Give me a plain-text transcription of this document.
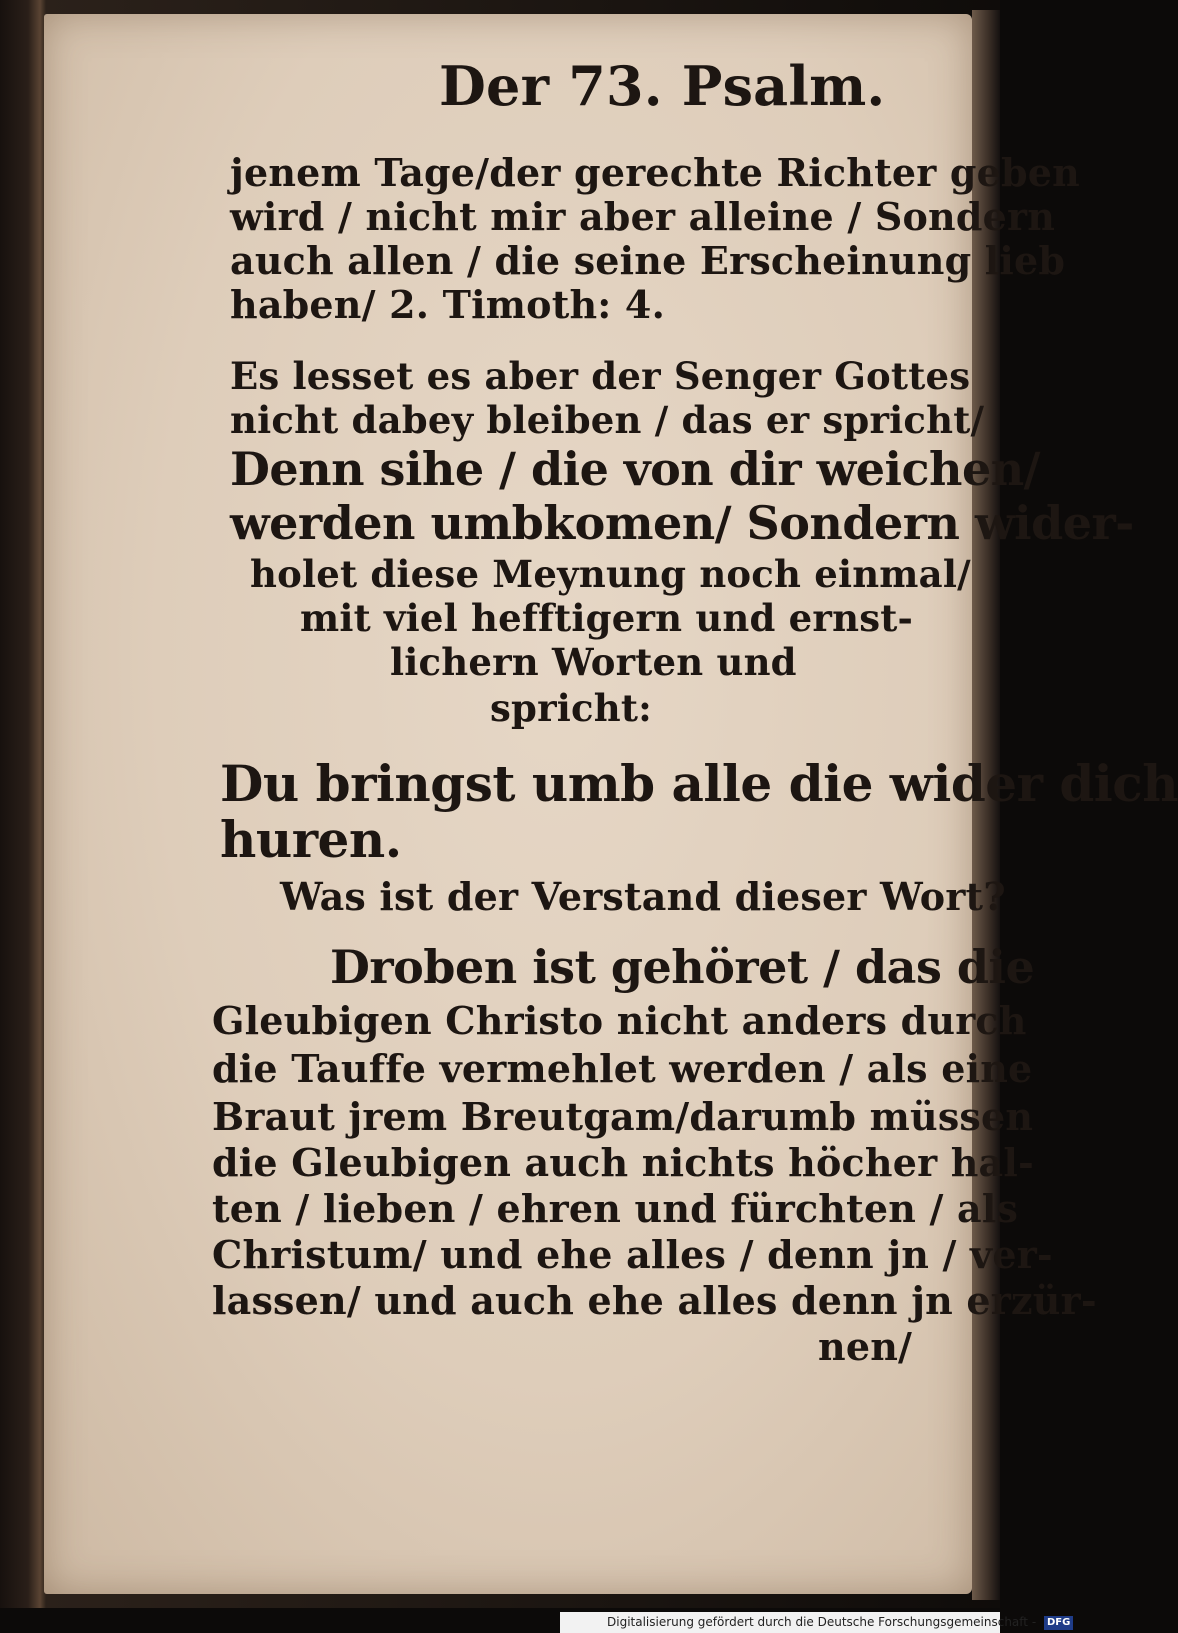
Der 73. Psalm.

jenem Tage/der gerechte Richter geben

wird / nicht mir aber alleine / Sondern

auch allen / die seine Erscheinung lieb

haben/ 2. Timoth: 4.

Es lesset es aber der Senger Gottes

nicht dabey bleiben / das er spricht/

Denn sihe / die von dir weichen/

werden umbkomen/ Sondern wider-

holet diese Meynung noch einmal/

mit viel hefftigern und ernst-

lichern Worten und

spricht:

Du bringst umb alle die wider dich

huren.

Was ist der Verstand dieser Wort?

Droben ist gehöret / das die

Gleubigen Christo nicht anders durch

die Tauffe vermehlet werden / als eine

Braut jrem Breutgam/darumb müssen

die Gleubigen auch nichts höcher hal-

ten / lieben / ehren und fürchten / als

Christum/ und ehe alles / denn jn / ver-

lassen/ und auch ehe alles denn jn erzür-

nen/

Digitalisierung gefördert durch die Deutsche Forschungsgemeinschaft - DFG
